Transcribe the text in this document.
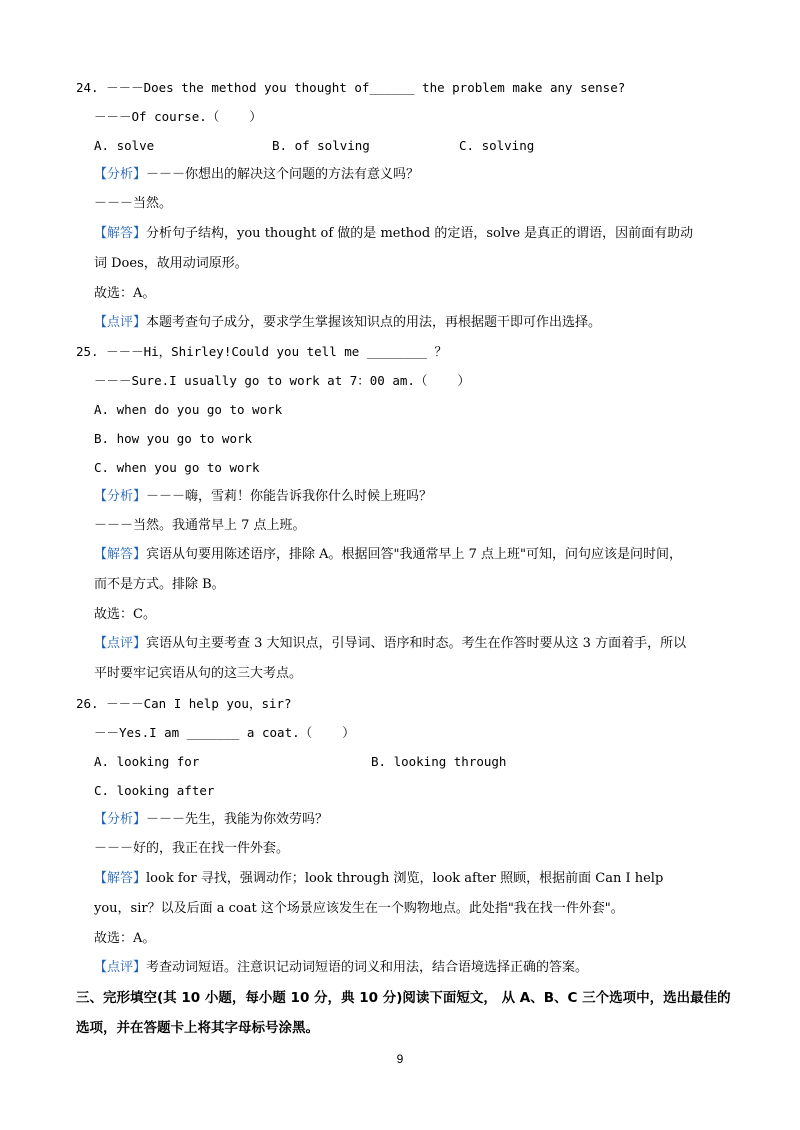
24. －－－Does the method you thought of______ the problem make any sense?
－－－Of course.（    ）
A. solve	B. of solving	C. solving
【分析】－－－你想出的解决这个问题的方法有意义吗？
－－－当然。
【解答】分析句子结构，you thought of 做的是 method 的定语，solve 是真正的谓语，因前面有助动
词 Does，故用动词原形。
故选：A。
【点评】本题考查句子成分，要求学生掌握该知识点的用法，再根据题干即可作出选择。
25. －－－Hi，Shirley!Could you tell me ________ ？
－－－Sure.I usually go to work at 7：00 am.（    ）
A. when do you go to work
B. how you go to work
C. when you go to work
【分析】－－－嗨，雪莉！你能告诉我你什么时候上班吗？
－－－当然。我通常早上 7 点上班。
【解答】宾语从句要用陈述语序，排除 A。根据回答"我通常早上 7 点上班"可知，问句应该是问时间，
而不是方式。排除 B。
故选：C。
【点评】宾语从句主要考查 3 大知识点，引导词、语序和时态。考生在作答时要从这 3 方面着手，所以
平时要牢记宾语从句的这三大考点。
26. －－－Can I help you，sir?
－－Yes.I am _______ a coat.（    ）
A. looking for	B. looking through
C. looking after
【分析】－－－先生，我能为你效劳吗？
－－－好的，我正在找一件外套。
【解答】look for 寻找，强调动作；look through 浏览，look after 照顾，根据前面 Can I help
you，sir？以及后面 a coat 这个场景应该发生在一个购物地点。此处指"我在找一件外套"。
故选：A。
【点评】考查动词短语。注意识记动词短语的词义和用法，结合语境选择正确的答案。
三、完形填空(其 10 小题，每小题 10 分，典 10 分)阅读下面短文， 从 A、B、C 三个选项中，选出最佳的
选项，并在答题卡上将其字母标号涂黑。
9
